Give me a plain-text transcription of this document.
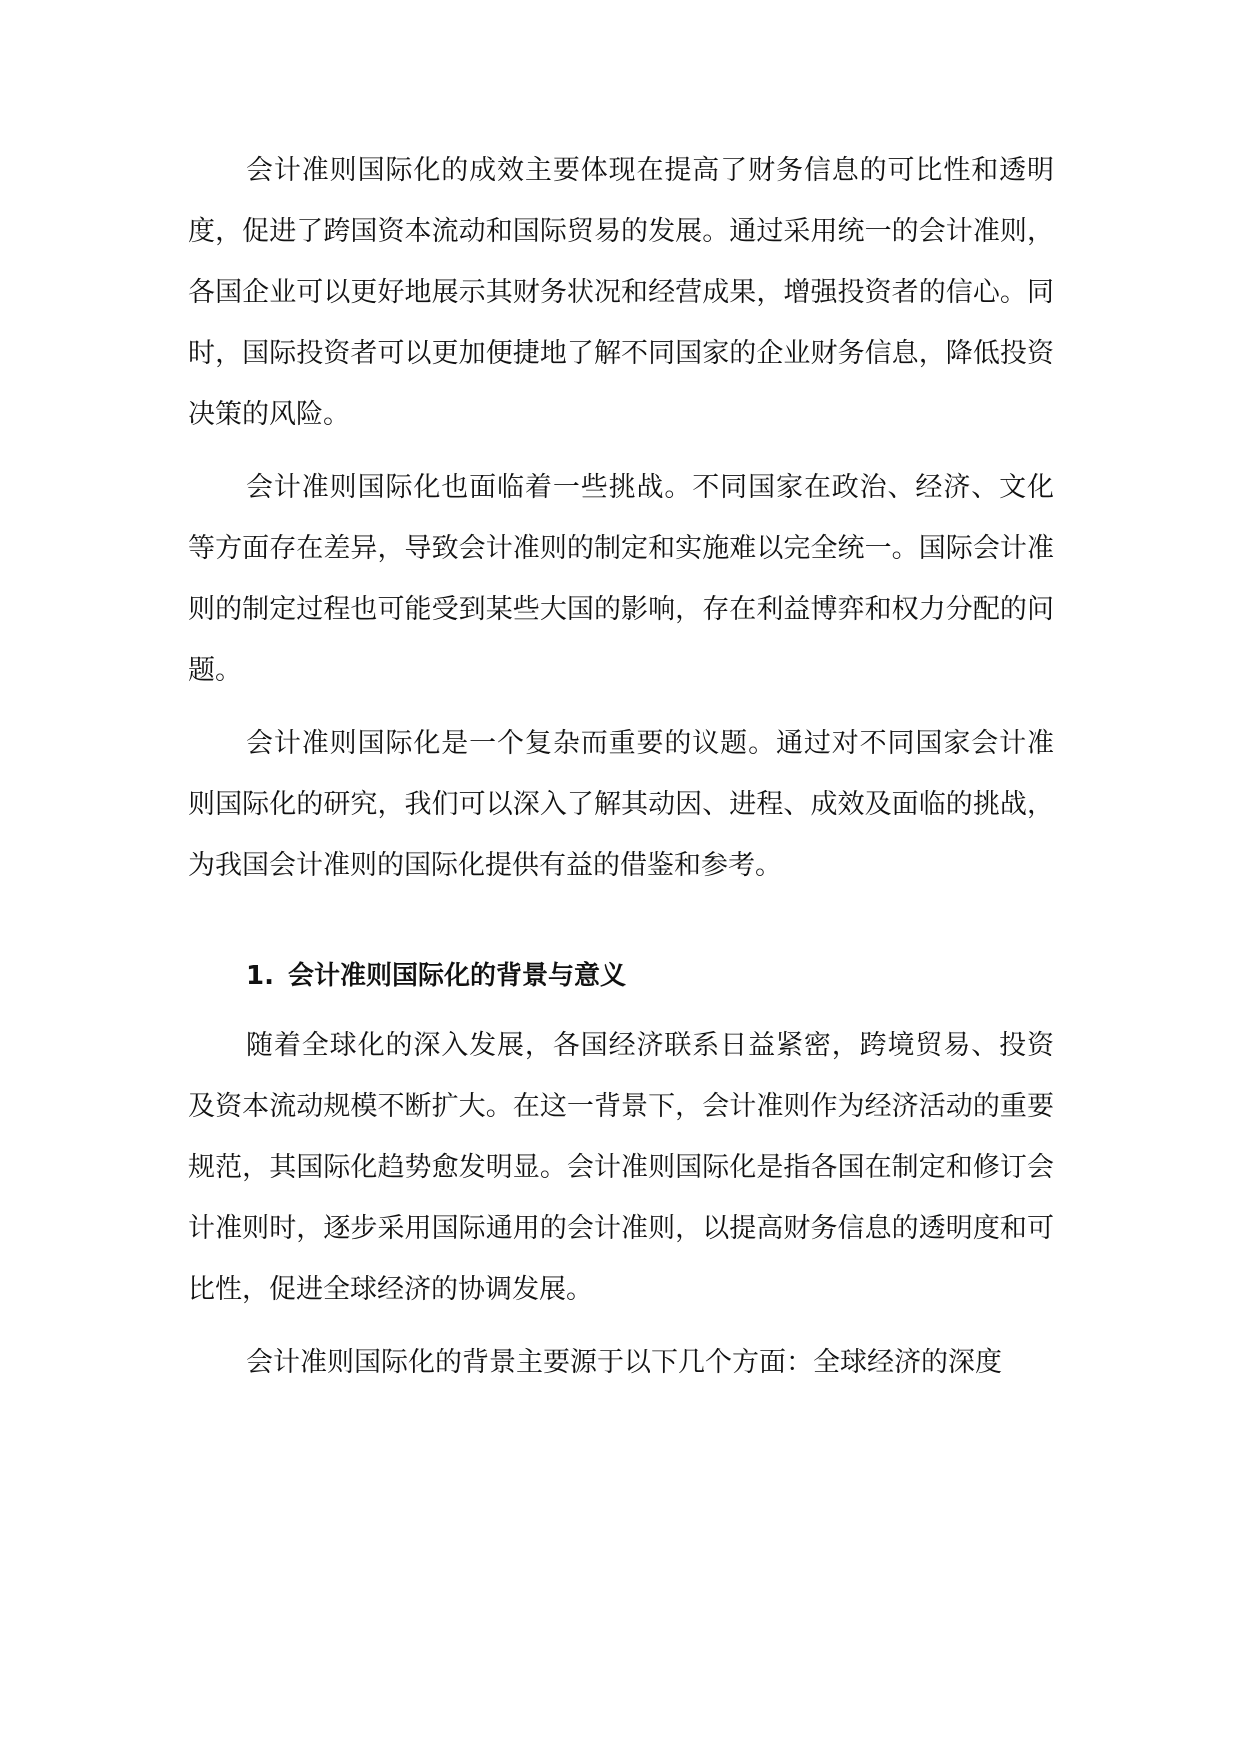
会计准则国际化的成效主要体现在提高了财务信息的可比性和透明度，促进了跨国资本流动和国际贸易的发展。通过采用统一的会计准则，各国企业可以更好地展示其财务状况和经营成果，增强投资者的信心。同时，国际投资者可以更加便捷地了解不同国家的企业财务信息，降低投资决策的风险。

会计准则国际化也面临着一些挑战。不同国家在政治、经济、文化等方面存在差异，导致会计准则的制定和实施难以完全统一。国际会计准则的制定过程也可能受到某些大国的影响，存在利益博弈和权力分配的问题。

会计准则国际化是一个复杂而重要的议题。通过对不同国家会计准则国际化的研究，我们可以深入了解其动因、进程、成效及面临的挑战，为我国会计准则的国际化提供有益的借鉴和参考。

1. 会计准则国际化的背景与意义

随着全球化的深入发展，各国经济联系日益紧密，跨境贸易、投资及资本流动规模不断扩大。在这一背景下，会计准则作为经济活动的重要规范，其国际化趋势愈发明显。会计准则国际化是指各国在制定和修订会计准则时，逐步采用国际通用的会计准则，以提高财务信息的透明度和可比性，促进全球经济的协调发展。

会计准则国际化的背景主要源于以下几个方面：全球经济的深度
